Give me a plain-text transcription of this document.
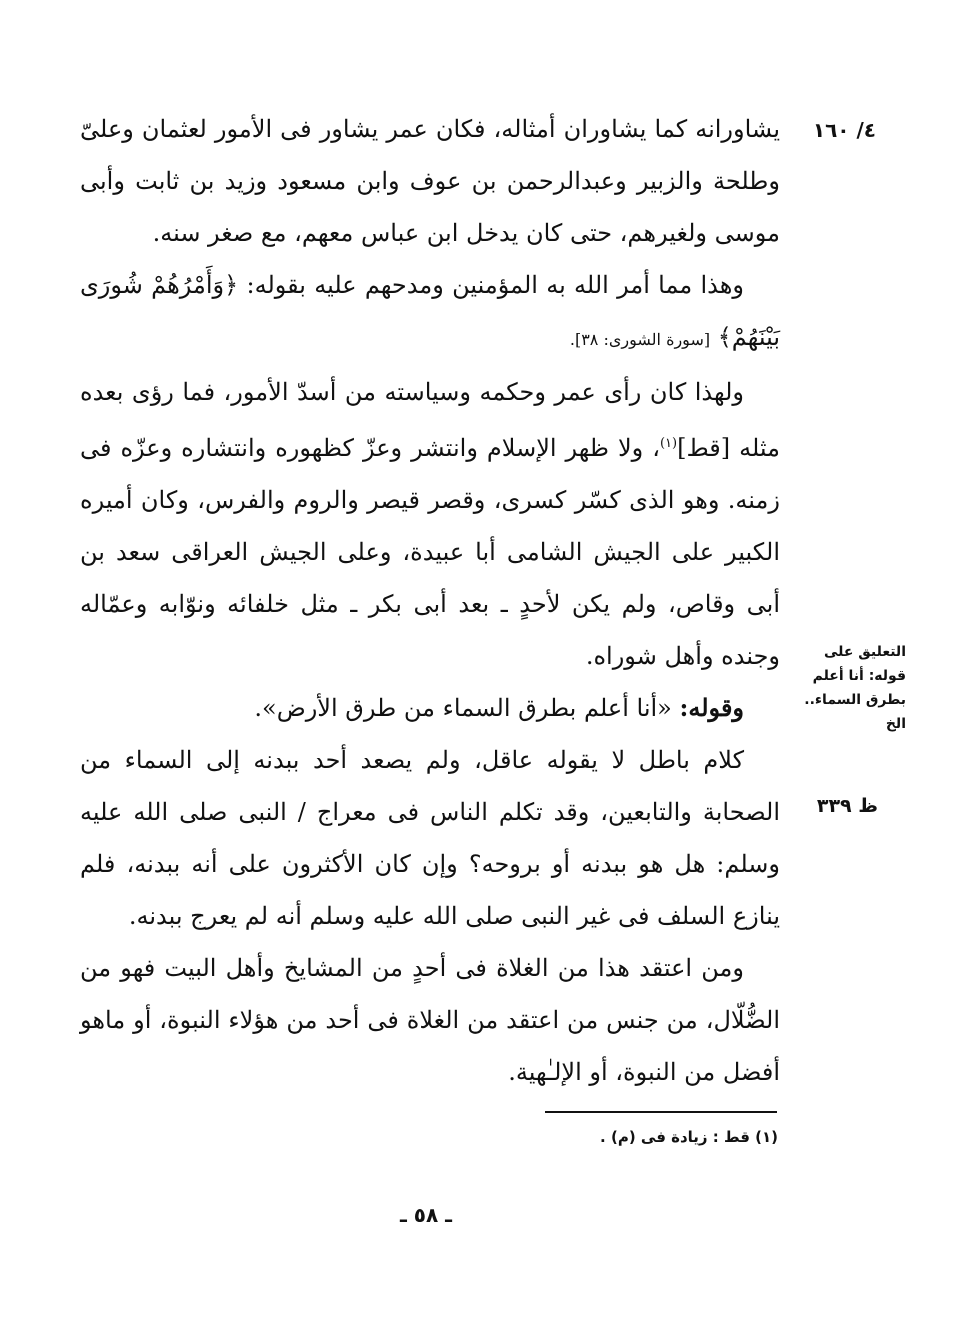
٤/ ١٦٠
التعليق على قوله: أنا أعلم بطرق السماء.. الخ
ظ ٣٣٩

يشاورانه كما يشاوران أمثاله، فكان عمر يشاور فى الأمور لعثمان وعلىّ وطلحة والزبير وعبدالرحمن بن عوف وابن مسعود وزيد بن ثابت وأبى موسى ولغيرهم، حتى كان يدخل ابن عباس معهم، مع صغر سنه.

وهذا مما أمر الله به المؤمنين ومدحهم عليه بقوله: ﴿وَأَمْرُهُمْ شُورَى بَيْنَهُمْ﴾ [سورة الشورى: ٣٨].

ولهذا كان رأى عمر وحكمه وسياسته من أسدّ الأمور، فما رؤى بعده مثله [قط]$^{(١)}$، ولا ظهر الإسلام وانتشر وعزّ كظهوره وانتشاره وعزّه فى زمنه. وهو الذى كسّر كسرى، وقصر قيصر والروم والفرس، وكان أميره الكبير على الجيش الشامى أبا عبيدة، وعلى الجيش العراقى سعد بن أبى وقاص، ولم يكن لأحدٍ ـ بعد أبى بكر ـ مثل خلفائه ونوّابه وعمّاله وجنده وأهل شوراه.

وقوله: «أنا أعلم بطرق السماء من طرق الأرض».

كلام باطل لا يقوله عاقل، ولم يصعد أحد ببدنه إلى السماء من الصحابة والتابعين، وقد تكلم الناس فى معراج / النبى صلى الله عليه وسلم: هل هو ببدنه أو بروحه؟ وإن كان الأكثرون على أنه ببدنه، فلم ينازع السلف فى غير النبى صلى الله عليه وسلم أنه لم يعرج ببدنه.

ومن اعتقد هذا من الغلاة فى أحدٍ من المشايخ وأهل البيت فهو من الضُّلّال، من جنس من اعتقد من الغلاة فى أحد من هؤلاء النبوة، أو ماهو أفضل من النبوة، أو الإلـٰهية.

(١) قط : زيادة فى (م) .
ـ ٥٨ ـ
